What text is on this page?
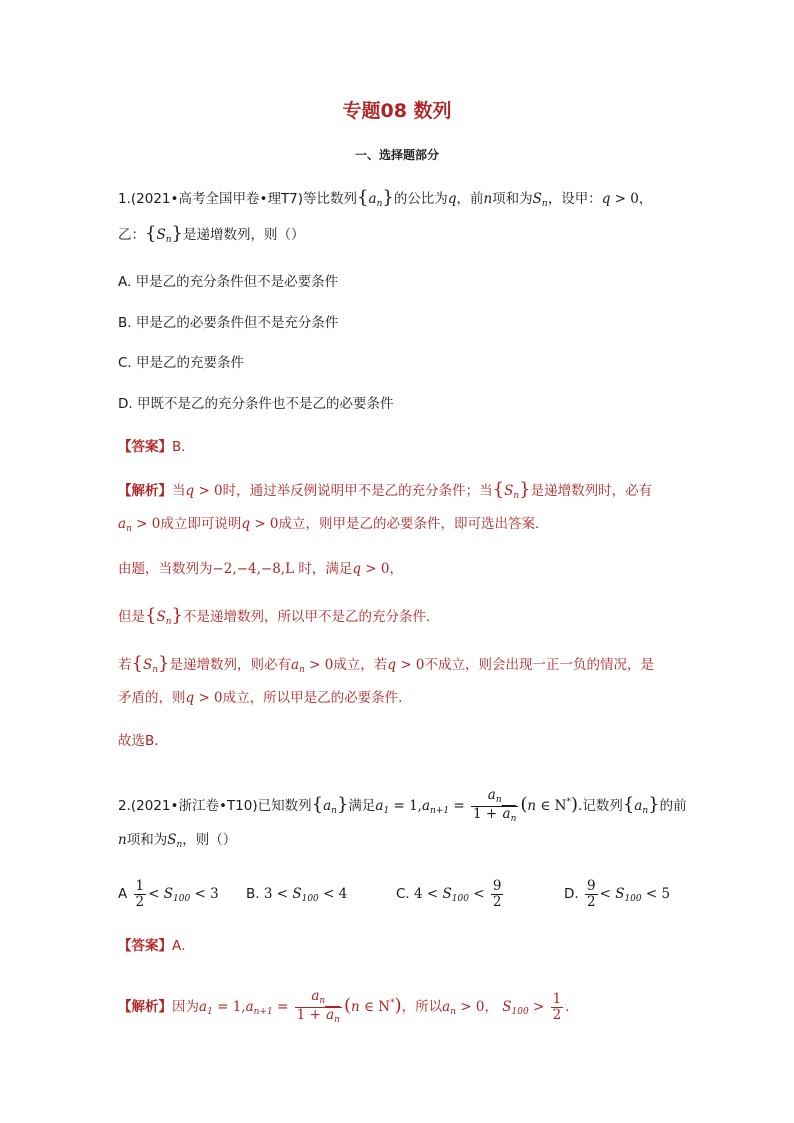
专题08 数列
一、选择题部分
1.(2021•高考全国甲卷•理T7)等比数列$\{a_n\}$的公比为q，前n项和为$S_n$，设甲：q > 0，
乙：$\{S_n\}$是递增数列，则（）
A. 甲是乙的充分条件但不是必要条件
B. 甲是乙的必要条件但不是充分条件
C. 甲是乙的充要条件
D. 甲既不是乙的充分条件也不是乙的必要条件
【答案】B．
【解析】当q > 0时，通过举反例说明甲不是乙的充分条件；当$\{S_n\}$是递增数列时，必有
$a_n > 0$成立即可说明q > 0成立，则甲是乙的必要条件，即可选出答案．
由题，当数列为−2,−4,−8,L 时，满足q > 0，
但是$\{S_n\}$不是递增数列，所以甲不是乙的充分条件．
若$\{S_n\}$是递增数列，则必有$a_n > 0$成立，若q > 0不成立，则会出现一正一负的情况，是
矛盾的，则q > 0成立，所以甲是乙的必要条件．
故选B．
2.(2021•浙江卷•T10)已知数列$\{a_n\}$满足$a_1 = 1,a_{n+1} = \frac{a_n}{1 + a_n} (n$ ∈ N*).记数列$\{a_n\}$的前
n项和为$S_n$，则（）
A $\frac{1}{2} < S_{100} < 3$ B. $3 < S_{100} < 4$	C. $4 < S_{100} < \frac{9}{2}$	D. $\frac{9}{2} < S_{100} < 5$
【答案】A．
【解析】因为$a_1 = 1,a_{n+1} = \frac{a_n}{1 + a_n} (n$ ∈ N*)，所以$a_n > 0$， $S_{100} > \frac{1}{2}$ ．
